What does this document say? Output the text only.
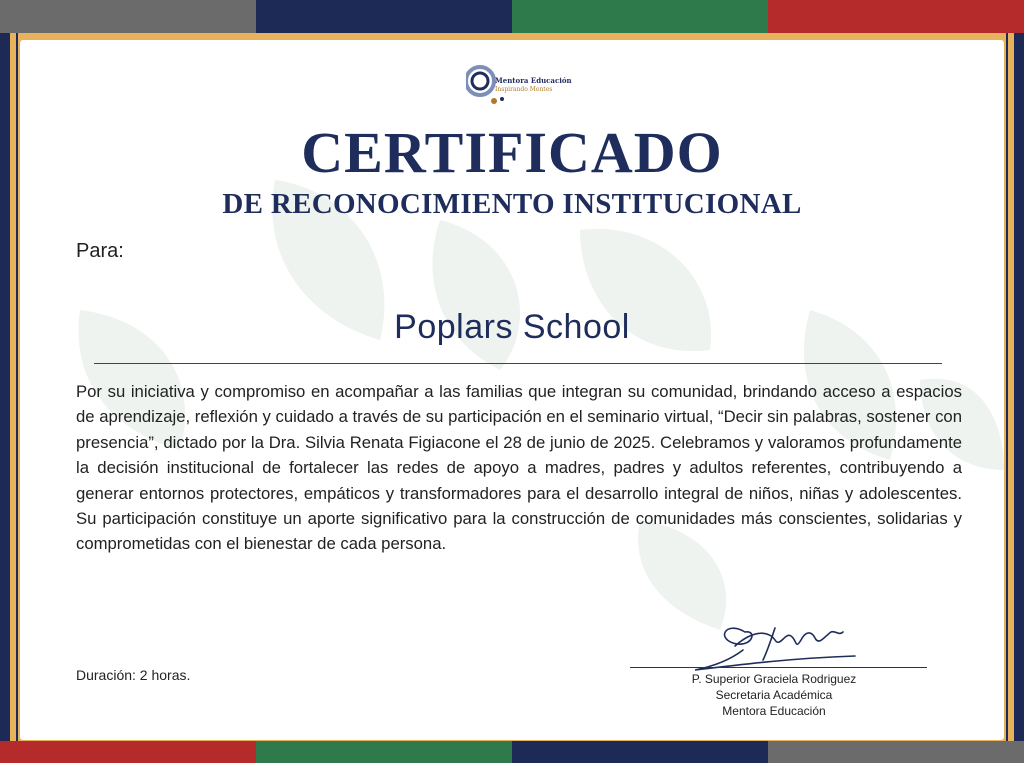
Mentora Educación
Inspirando Mentes
CERTIFICADO
DE RECONOCIMIENTO INSTITUCIONAL
Para:
Poplars School
Por su iniciativa y compromiso en acompañar a las familias que integran su comunidad, brindando acceso a espacios de aprendizaje, reflexión y cuidado a través de su participación en el seminario virtual, “Decir sin palabras, sostener con presencia”, dictado por la Dra. Silvia Renata Figiacone el 28 de junio de 2025. Celebramos y valoramos profundamente la decisión institucional de fortalecer las redes de apoyo a madres, padres y adultos referentes, contribuyendo a generar entornos protectores, empáticos y transformadores para el desarrollo integral de niños, niñas y adolescentes. Su participación constituye un aporte significativo para la construcción de comunidades más conscientes, solidarias y comprometidas con el bienestar de cada persona.
Duración: 2 horas.	P. Superior Graciela Rodriguez
Secretaria Académica
Mentora Educación
